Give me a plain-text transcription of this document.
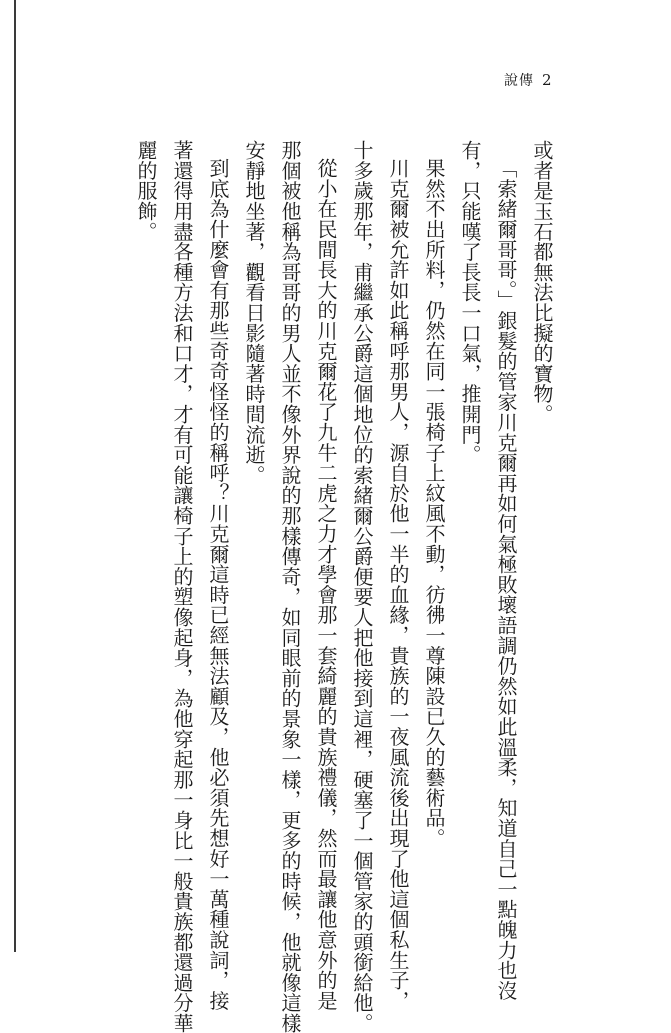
說傳 2
或者是玉石都無法比擬的寶物。
「索緒爾哥哥。」銀髮的管家川克爾再如何氣極敗壞語調仍然如此溫柔，知道自己一點魄力也沒
有，只能嘆了長長一口氣，推開門。
果然不出所料，仍然在同一張椅子上紋風不動，彷彿一尊陳設已久的藝術品。
川克爾被允許如此稱呼那男人，源自於他一半的血緣，貴族的一夜風流後出現了他這個私生子，
十多歲那年，甫繼承公爵這個地位的索緒爾公爵便要人把他接到這裡，硬塞了一個管家的頭銜給他。
從小在民間長大的川克爾花了九牛二虎之力才學會那一套綺麗的貴族禮儀，然而最讓他意外的是
那個被他稱為哥哥的男人並不像外界說的那樣傳奇，如同眼前的景象一樣，更多的時候，他就像這樣
安靜地坐著，觀看日影隨著時間流逝。
到底為什麼會有那些奇奇怪怪的稱呼？川克爾這時已經無法顧及，他必須先想好一萬種說詞，接
著還得用盡各種方法和口才，才有可能讓椅子上的塑像起身，為他穿起那一身比一般貴族都還過分華
麗的服飾。
